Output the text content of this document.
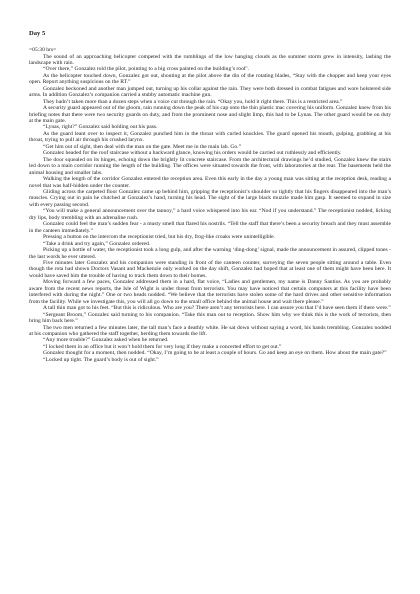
Day 5

=05:30 hrs=

The sound of an approaching helicopter competed with the rumblings of the low hanging clouds as the summer storm grew in intensity, lashing the landscape with rain.

“Over there,” Gonzalez told the pilot, pointing to a big cross painted on the building’s roof’.

As the helicopter touched down, Gonzalez got out, shouting at the pilot above the din of the rotating blades, “Stay with the chopper and keep your eyes open. Report anything suspicious on the RT.”

Gonzalez beckoned and another man jumped out, turning up his collar against the rain. They were both dressed in combat fatigues and wore holstered side arms. In addition Gonzalez’s companion carried a stubby automatic machine gun.

They hadn’t taken more than a dozen steps when a voice cut through the rain. “Okay you, hold it right there. This is a restricted area.”

A security guard appeared out of the gloom, rain running down the peak of his cap onto the thin plastic mac covering his uniform. Gonzalez knew from his briefing notes that there were two security guards on duty, and from the prominent nose and slight limp, this had to be Lynas. The other guard would be on duty at the main gate.

“Lynas, right?” Gonzalez said holding out his pass.

As the guard leant over to inspect it, Gonzalez punched him in the throat with curled knuckles. The guard opened his mouth, gulping, grabbing at his throat, trying to pull air through his crushed larynx.

“Get him out of sight, then deal with the man on the gate. Meet me in the main lab. Go.”

Gonzalez headed for the roof staircase without a backward glance, knowing his orders would be carried out ruthlessly and efficiently.

The door squealed on its hinges, echoing down the brightly lit concrete staircase. From the architectural drawings he’d studied, Gonzalez knew the stairs led down to a main corridor running the length of the building. The offices were situated towards the front, with laboratories at the rear. The basements held the animal housing and smaller labs.

Walking the length of the corridor Gonzalez entered the reception area. Even this early in the day a young man was sitting at the reception desk, reading a novel that was half-hidden under the counter.

Gliding across the carpeted floor Gonzalez came up behind him, gripping the receptionist’s shoulder so tightly that his fingers disappeared into the man’s muscles. Crying out in pain he clutched at Gonzalez’s hand, turning his head. The sight of the large black muzzle made him gasp. It seemed to expand in size with every passing second.

“You will make a general announcement over the tannoy,” a hard voice whispered into his ear. “Nod if you understand.” The receptionist nodded, licking dry lips, body trembling with an adrenaline rush.

Gonzalez could feel the man’s sudden fear - a musty smell that flared his nostrils. “Tell the staff that there’s been a security breach and they must assemble in the canteen immediately.”

Pressing a button on the intercom the receptionist tried, but his dry, frog-like croaks were unintelligible.

“Take a drink and try again,” Gonzalez ordered.

Picking up a bottle of water, the receptionist took a long gulp, and after the warning ‘ding-dong’ signal, made the announcement in assured, clipped tones - the last words he ever uttered.

Five minutes later Gonzalez and his companion were standing in front of the canteen counter, surveying the seven people sitting around a table. Even though the rota had shown Doctors Vasant and Mackenzie only worked on the day shift, Gonzalez had hoped that at least one of them might have been here. It would have saved him the trouble of having to track them down to their homes.

Moving forward a few paces, Gonzalez addressed them in a hard, flat voice, “Ladies and gentlemen, my name is Danny Santius. As you are probably aware from the recent news reports, the Isle of Wight is under threat from terrorists. You may have noticed that certain computers at this facility have been interfered with during the night.” One or two heads nodded. “We believe that the terrorists have stolen some of the hard drives and other sensitive information from the facility. While we investigate this, you will all go down to the small office behind the animal house and wait there please.”

A tall thin man got to his feet. “But this is ridiculous. Who are you? There aren’t any terrorists here. I can assure you that I’d have seen them if there were.”

“Sergeant Broom,” Gonzalez said turning to his companion. “Take this man out to reception. Show him why we think this is the work of terrorists, then bring him back here.”

The two men returned a few minutes later, the tall man’s face a deathly white. He sat down without saying a word, his hands trembling. Gonzalez nodded at his companion who gathered the staff together, herding them towards the lift.

“Any more trouble?” Gonzalez asked when he returned.

“I locked them in an office but it won’t hold them for very long if they make a concerted effort to get out.”

Gonzalez thought for a moment, then nodded. “Okay, I’m going to be at least a couple of hours. Go and keep an eye on them. How about the main gate?”

“Locked up tight. The guard’s body is out of sight.”
